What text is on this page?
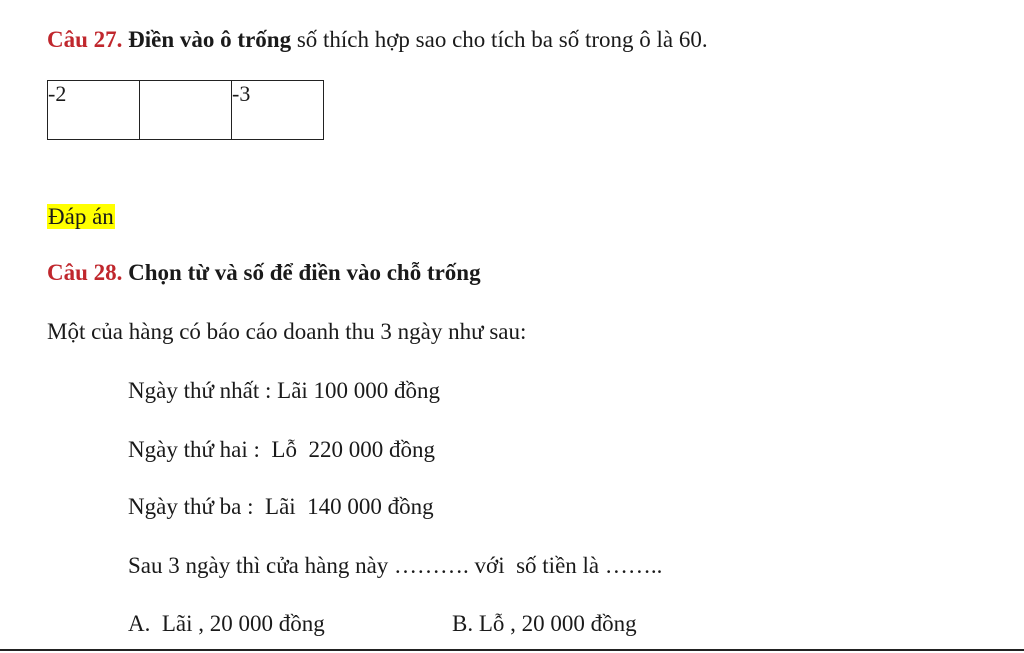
Câu 27. Điền vào ô trống số thích hợp sao cho tích ba số trong ô là 60.
-2		-3
Đáp án
Câu 28. Chọn từ và số để điền vào chỗ trống
Một của hàng có báo cáo doanh thu 3 ngày như sau:
Ngày thứ nhất : Lãi 100 000 đồng
Ngày thứ hai :  Lỗ  220 000 đồng
Ngày thứ ba :  Lãi  140 000 đồng
Sau 3 ngày thì cửa hàng này ………. với  số tiền là ……..
A.  Lãi , 20 000 đồng	B. Lỗ , 20 000 đồng
